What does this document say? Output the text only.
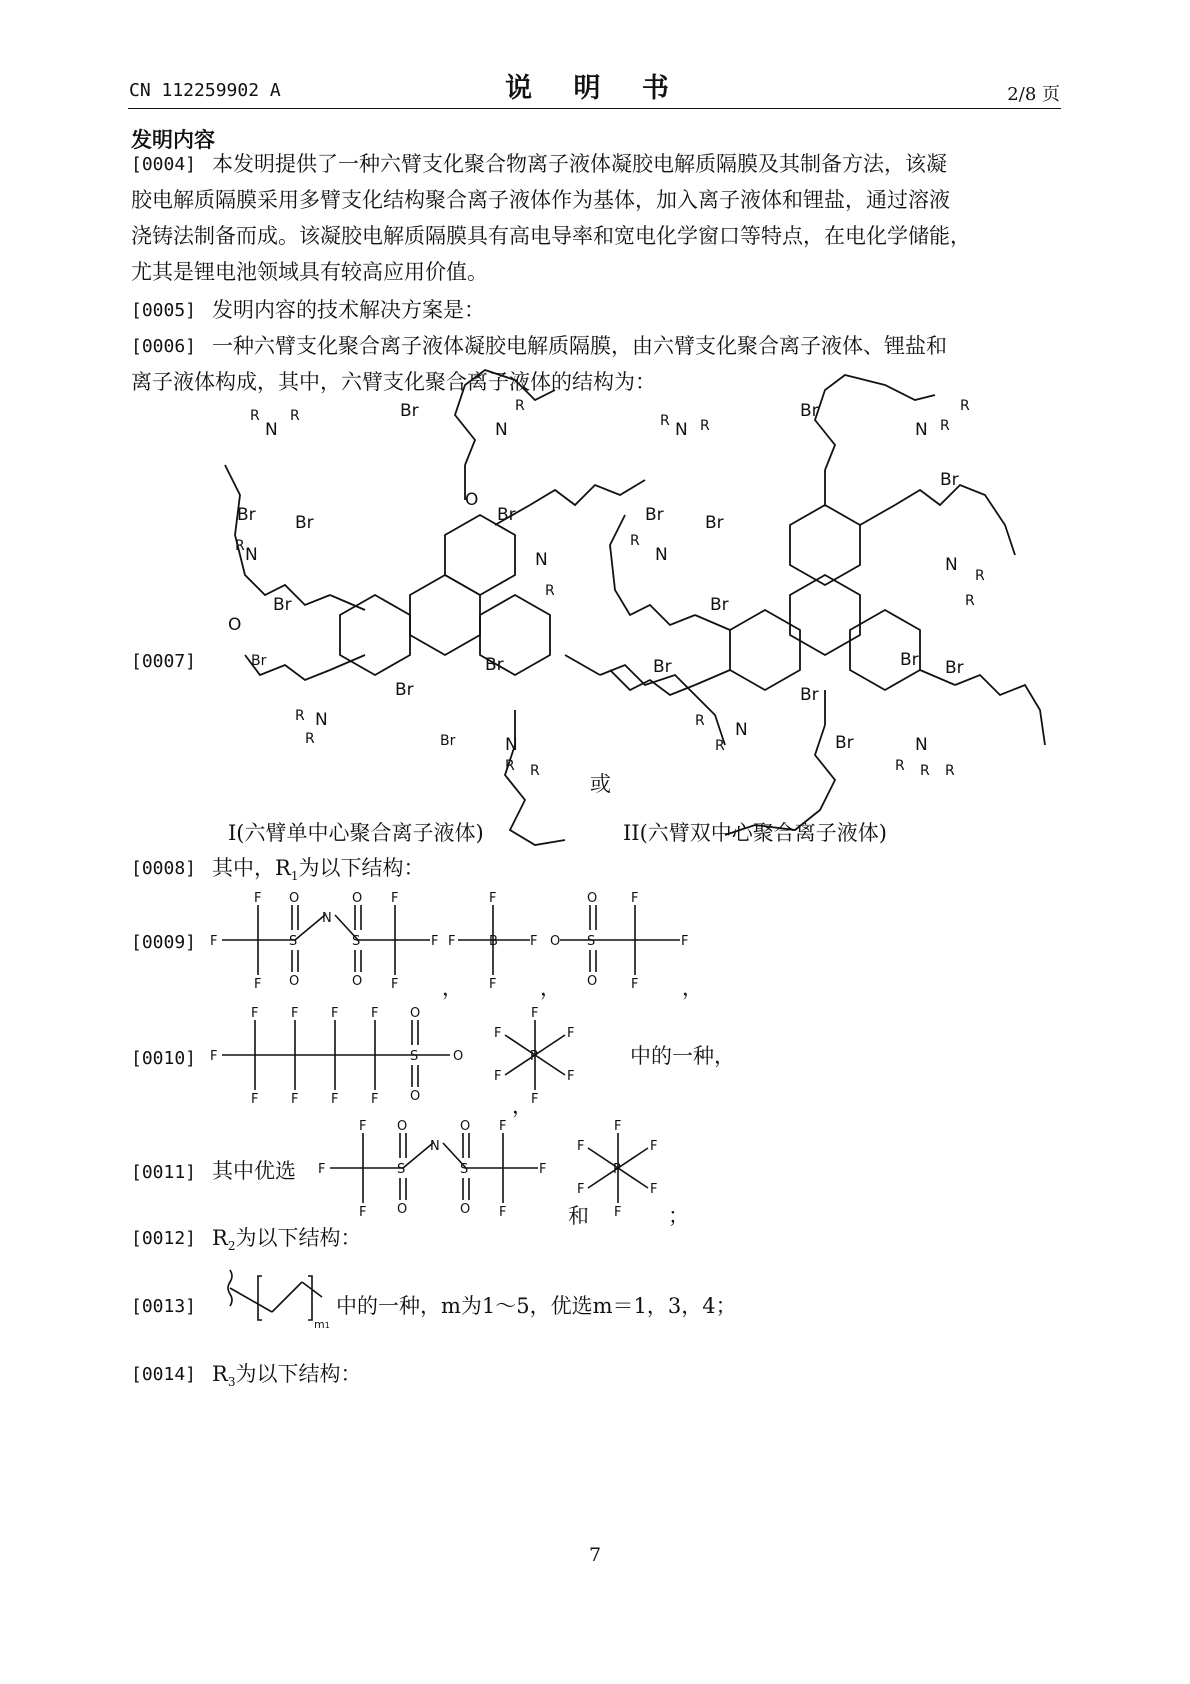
CN 112259902 A	说 明 书	2/8 页
发明内容
[0004] 本发明提供了一种六臂支化聚合物离子液体凝胶电解质隔膜及其制备方法，该凝
胶电解质隔膜采用多臂支化结构聚合离子液体作为基体，加入离子液体和锂盐，通过溶液
浇铸法制备而成。该凝胶电解质隔膜具有高电导率和宽电化学窗口等特点，在电化学储能，
尤其是锂电池领域具有较高应用价值。
[0005] 发明内容的技术解决方案是：
[0006] 一种六臂支化聚合离子液体凝胶电解质隔膜，由六臂支化聚合离子液体、锂盐和
离子液体构成，其中，六臂支化聚合离子液体的结构为：
[0007]
Br
O
N
R
N
R R
Br Br	Br
R N
Br
Br
O
N
R
Br
Br
N
R
R	Br	N
R R
Br
N R
R
N
R R
Br Br
Br
N
R
N
R
R
Br
Br	Br Br
Br
Br
N
R
R	N
R R R
或
I(六臂单中心聚合离子液体)	II(六臂双中心聚合离子液体)
[0008] 其中，$R_1$为以下结构：
[0009] F
F
F
S
O
O
N
S
O
O
F
F
F F
F
B
F
F
O
S
O
O
F
F
F
，	，	，
[0010] F
F
F
F
F
F
F
F
F
O
S
O
O
F
P
F
F	F
F	F
，
中的一种，
[0011] 其中优选 F
F
F
S
O
O
N
S
O
O
F
F
F
F
P
F
F	F
F	F
和	；
[0012] $R_2$为以下结构：
[0013]
m1
中的一种，m为1～5，优选m＝1，3，4；
[0014] $R_3$为以下结构：
7
